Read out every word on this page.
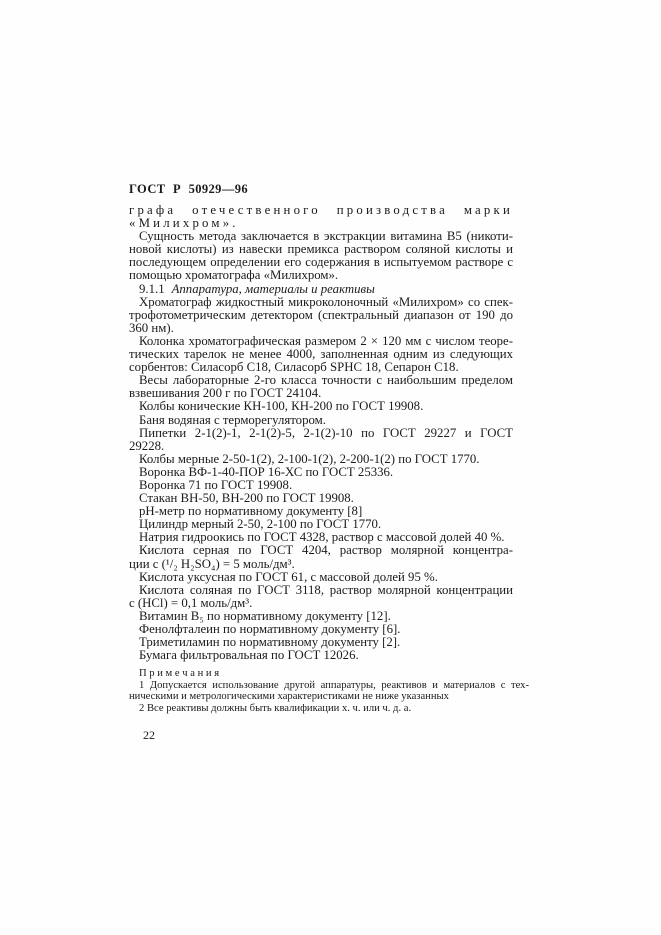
ГОСТ Р 50929—96
графа отечественного производства марки
«Милихром».
Сущность метода заключается в экстракции витамина В5 (никоти-
новой кислоты) из навески премикса раствором соляной кислоты и
последующем определении его содержания в испытуемом растворе с
помощью хроматографа «Милихром».
9.1.1 Аппаратура, материалы и реактивы
Хроматограф жидкостный микроколоночный «Милихром» со спек-
трофотометрическим детектором (спектральный диапазон от 190 до
360 нм).
Колонка хроматографическая размером 2 × 120 мм с числом теоре-
тических тарелок не менее 4000, заполненная одним из следующих
сорбентов: Силасорб С18, Силасорб SPHC 18, Сепарон С18.
Весы лабораторные 2-го класса точности с наибольшим пределом
взвешивания 200 г по ГОСТ 24104.
Колбы конические КН-100, КН-200 по ГОСТ 19908.
Баня водяная с терморегулятором.
Пипетки 2-1(2)-1, 2-1(2)-5, 2-1(2)-10 по ГОСТ 29227 и ГОСТ
29228.
Колбы мерные 2-50-1(2), 2-100-1(2), 2-200-1(2) по ГОСТ 1770.
Воронка ВФ-1-40-ПОР 16-ХС по ГОСТ 25336.
Воронка 71 по ГОСТ 19908.
Стакан ВН-50, ВН-200 по ГОСТ 19908.
pH-метр по нормативному документу [8]
Цилиндр мерный 2-50, 2-100 по ГОСТ 1770.
Натрия гидроокись по ГОСТ 4328, раствор с массовой долей 40 %.
Кислота серная по ГОСТ 4204, раствор молярной концентра-
ции с (¹/₂ H₂SO₄) = 5 моль/дм³.
Кислота уксусная по ГОСТ 61, с массовой долей 95 %.
Кислота соляная по ГОСТ 3118, раствор молярной концентрации
с (HCl) = 0,1 моль/дм³.
Витамин В₅ по нормативному документу [12].
Фенолфталеин по нормативному документу [6].
Триметиламин по нормативному документу [2].
Бумага фильтровальная по ГОСТ 12026.
П р и м е ч а н и я
1 Допускается использование другой аппаратуры, реактивов и материалов с тех-
ническими и метрологическими характеристиками не ниже указанных
2 Все реактивы должны быть квалификации х. ч. или ч. д. а.
22
